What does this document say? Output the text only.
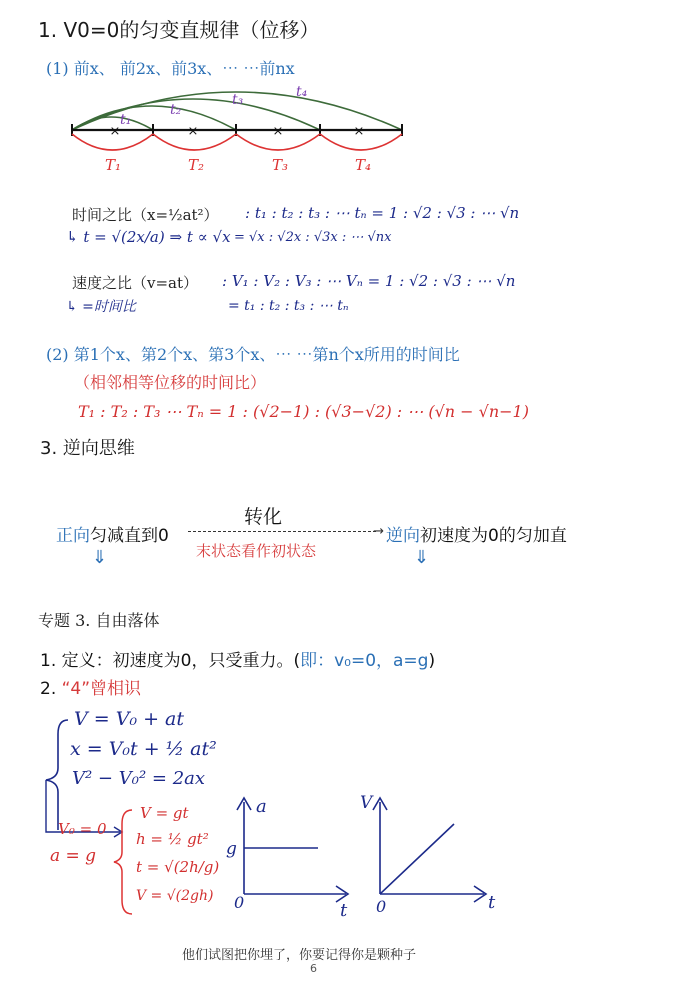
1. V0=0的匀变直规律（位移）
(1) 前x、 前2x、前3x、⋯ ⋯前nx
×	×	×	×
t₁
t₂
t₃	t₄
T₁	T₂	T₃	T₄
时间之比（x=½at²） : t₁ : t₂ : t₃ : ⋯ tₙ = 1 : √2 : √3 : ⋯ √n
↳ t = √(2x/a) ⇒ t ∝ √x = √x : √2x : √3x : ⋯ √nx
速度之比（v=at） : V₁ : V₂ : V₃ : ⋯ Vₙ = 1 : √2 : √3 : ⋯ √n
↳ =时间比	= t₁ : t₂ : t₃ : ⋯ tₙ
(2) 第1个x、第2个x、第3个x、⋯ ⋯第n个x所用的时间比
（相邻相等位移的时间比）
T₁ : T₂ : T₃ ⋯ Tₙ = 1 : (√2−1) : (√3−√2) : ⋯ (√n − √n−1)
3. 逆向思维
转化
正向匀减直到0	→ 逆向初速度为0的匀加直
末状态看作初状态
⇓	⇓
专题 3. 自由落体
1. 定义：初速度为0，只受重力。(即：v₀=0，a=g)
2. “4”曾相识
V = V₀ + at
x = V₀t + ½ at²
V² − V₀² = 2ax
V₀ = 0
a = g
V = gt
h = ½ gt²
t = √(2h/g)
V = √(2gh)
a
t
0
g
V
t
0
他们试图把你埋了，你要记得你是颗种子
6
